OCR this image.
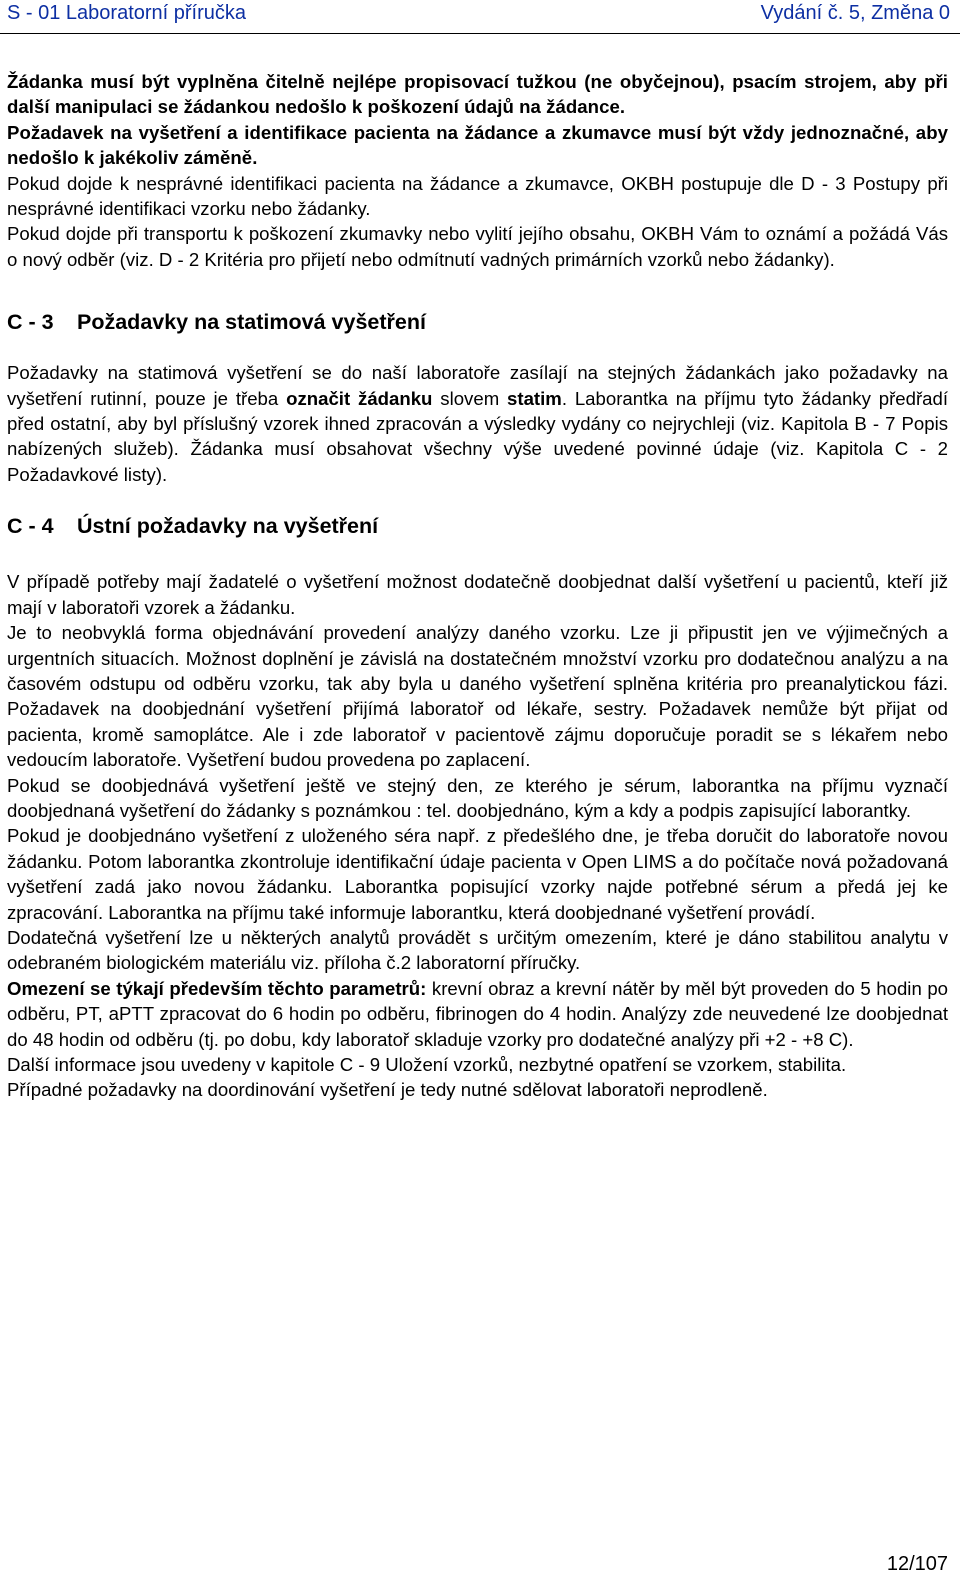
S - 01 Laboratorní příručka	Vydání č. 5, Změna 0

Žádanka musí být vyplněna čitelně nejlépe propisovací tužkou (ne obyčejnou), psacím strojem, aby při další manipulaci se žádankou nedošlo k poškození údajů na žádance.

Požadavek na vyšetření a identifikace pacienta na žádance a zkumavce musí být vždy jednoznačné, aby nedošlo k jakékoliv záměně.

Pokud dojde k nesprávné identifikaci pacienta na žádance a zkumavce, OKBH postupuje dle D - 3 Postupy při nesprávné identifikaci vzorku nebo žádanky.

Pokud dojde při transportu k poškození zkumavky nebo vylití jejího obsahu, OKBH Vám to oznámí a požádá Vás o nový odběr (viz. D - 2 Kritéria pro přijetí nebo odmítnutí vadných primárních vzorků nebo žádanky).

C - 3 Požadavky na statimová vyšetření

Požadavky na statimová vyšetření se do naší laboratoře zasílají na stejných žádankách jako požadavky na vyšetření rutinní, pouze je třeba označit žádanku slovem statim. Laborantka na příjmu tyto žádanky předřadí před ostatní, aby byl příslušný vzorek ihned zpracován a výsledky vydány co nejrychleji (viz. Kapitola B - 7 Popis nabízených služeb). Žádanka musí obsahovat všechny výše uvedené povinné údaje (viz. Kapitola C - 2 Požadavkové listy).

C - 4 Ústní požadavky na vyšetření

V případě potřeby mají žadatelé o vyšetření možnost dodatečně doobjednat další vyšetření u pacientů, kteří již mají v laboratoři vzorek a žádanku.

Je to neobvyklá forma objednávání provedení analýzy daného vzorku. Lze ji připustit jen ve výjimečných a urgentních situacích. Možnost doplnění je závislá na dostatečném množství vzorku pro dodatečnou analýzu a na časovém odstupu od odběru vzorku, tak aby byla u daného vyšetření splněna kritéria pro preanalytickou fázi. Požadavek na doobjednání vyšetření přijímá laboratoř od lékaře, sestry. Požadavek nemůže být přijat od pacienta, kromě samoplátce. Ale i zde laboratoř v pacientově zájmu doporučuje poradit se s lékařem nebo vedoucím laboratoře. Vyšetření budou provedena po zaplacení.

Pokud se doobjednává vyšetření ještě ve stejný den, ze kterého je sérum, laborantka na příjmu vyznačí doobjednaná vyšetření do žádanky s poznámkou : tel. doobjednáno, kým a kdy a podpis zapisující laborantky.

Pokud je doobjednáno vyšetření z uloženého séra např. z předešlého dne, je třeba doručit do laboratoře novou žádanku. Potom laborantka zkontroluje identifikační údaje pacienta v Open LIMS a do počítače nová požadovaná vyšetření zadá jako novou žádanku. Laborantka popisující vzorky najde potřebné sérum a předá jej ke zpracování. Laborantka na příjmu také informuje laborantku, která doobjednané vyšetření provádí.

Dodatečná vyšetření lze u některých analytů provádět s určitým omezením, které je dáno stabilitou analytu v odebraném biologickém materiálu viz. příloha č.2 laboratorní příručky.

Omezení se týkají především těchto parametrů: krevní obraz a krevní nátěr by měl být proveden do 5 hodin po odběru, PT, aPTT zpracovat do 6 hodin po odběru, fibrinogen do 4 hodin. Analýzy zde neuvedené lze doobjednat do 48 hodin od odběru (tj. po dobu, kdy laboratoř skladuje vzorky pro dodatečné analýzy při +2 - +8 C).

Další informace jsou uvedeny v kapitole C - 9 Uložení vzorků, nezbytné opatření se vzorkem, stabilita.

Případné požadavky na doordinování vyšetření je tedy nutné sdělovat laboratoři neprodleně.

12/107
